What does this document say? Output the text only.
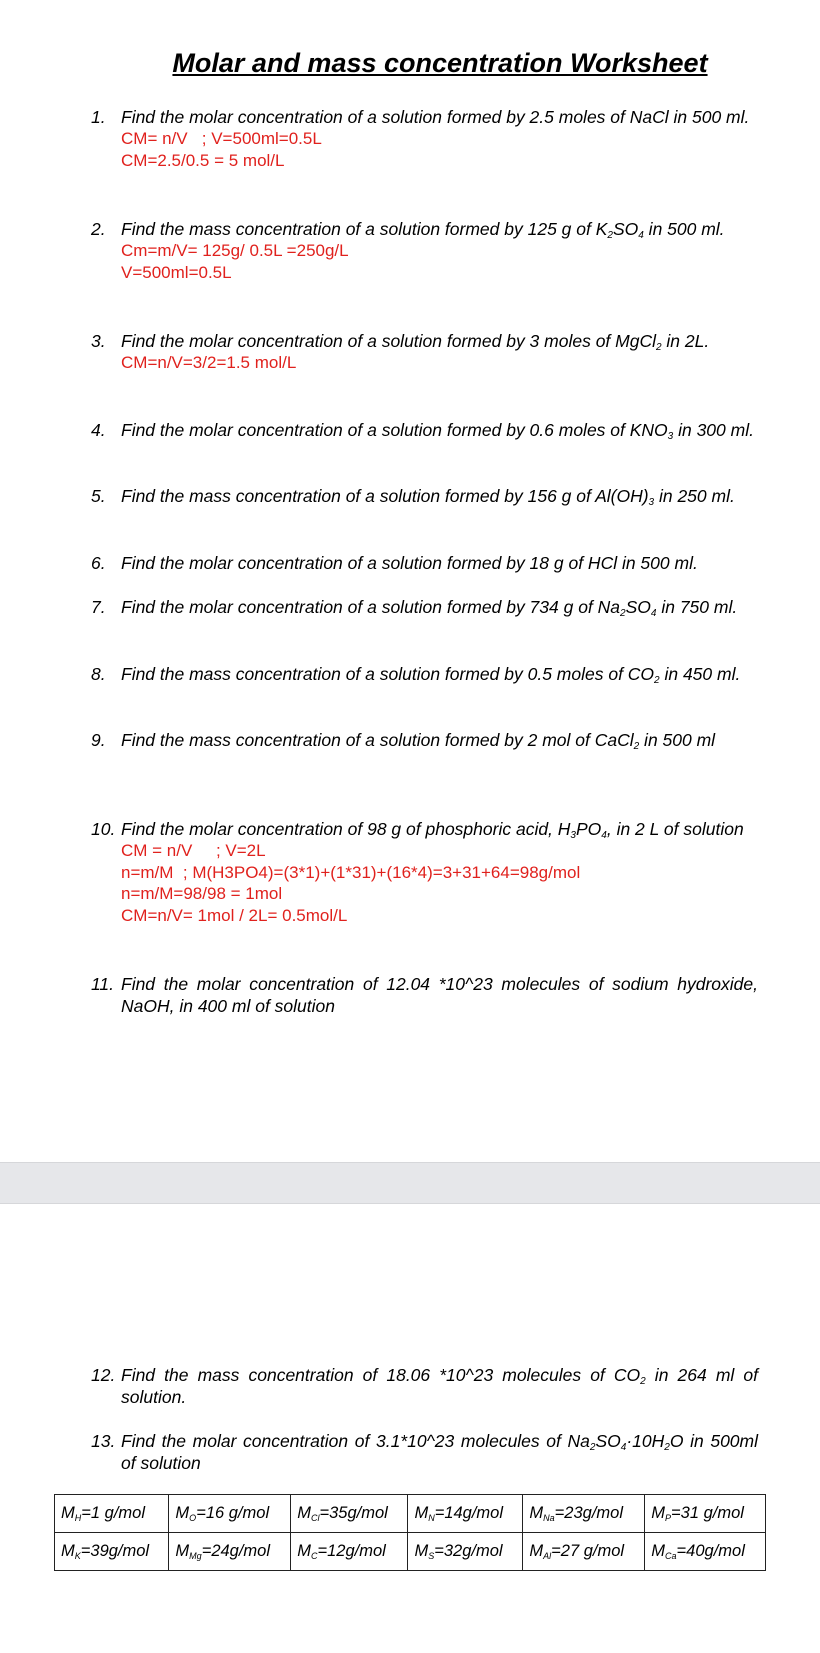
Molar and mass concentration Worksheet
1. Find the molar concentration of a solution formed by 2.5 moles of NaCl in 500 ml.
CM= n/V   ; V=500ml=0.5L
CM=2.5/0.5 = 5 mol/L
2. Find the mass concentration of a solution formed by 125 g of $K_2SO_4$ in 500 ml.
Cm=m/V= 125g/ 0.5L =250g/L
V=500ml=0.5L
3. Find the molar concentration of a solution formed by 3 moles of MgCl$_2$ in 2L.
CM=n/V=3/2=1.5 mol/L
4. Find the molar concentration of a solution formed by 0.6 moles of $KNO_3$ in 300 ml.
5. Find the mass concentration of a solution formed by 156 g of $Al(OH)_3$ in 250 ml.
6. Find the molar concentration of a solution formed by 18 g of HCl in 500 ml.
7. Find the molar concentration of a solution formed by 734 g of $Na_2SO_4$ in 750 ml.
8. Find the mass concentration of a solution formed by 0.5 moles of $CO_2$ in 450 ml.
9. Find the mass concentration of a solution formed by 2 mol of CaCl$_2$ in 500 ml
10. Find the molar concentration of 98 g of phosphoric acid, $H_3PO_4$, in 2 L of solution
CM = n/V     ; V=2L
n=m/M  ; M(H3PO4)=(3*1)+(1*31)+(16*4)=3+31+64=98g/mol
n=m/M=98/98 = 1mol
CM=n/V= 1mol / 2L= 0.5mol/L
11. Find the molar concentration of 12.04 *10^23 molecules of sodium hydroxide, NaOH, in 400 ml of solution
12. Find the mass concentration of 18.06 *10^23 molecules of $CO_2$ in 264 ml of solution.
13. Find the molar concentration of 3.1*10^23 molecules of $Na_2SO_4\cdot 10H_2O$ in 500ml of solution
$M_H=1$ g/mol	$M_O=16$ g/mol	$M_{Cl}=35g$/mol	$M_N=14g$/mol	$M_{Na}=23g$/mol	$M_P=31$ g/mol
$M_K=39g$/mol	$M_{Mg}=24g$/mol	$M_C=12g$/mol	$M_S=32g$/mol	$M_{Al}=27$ g/mol	$M_{Ca}=40g$/mol
